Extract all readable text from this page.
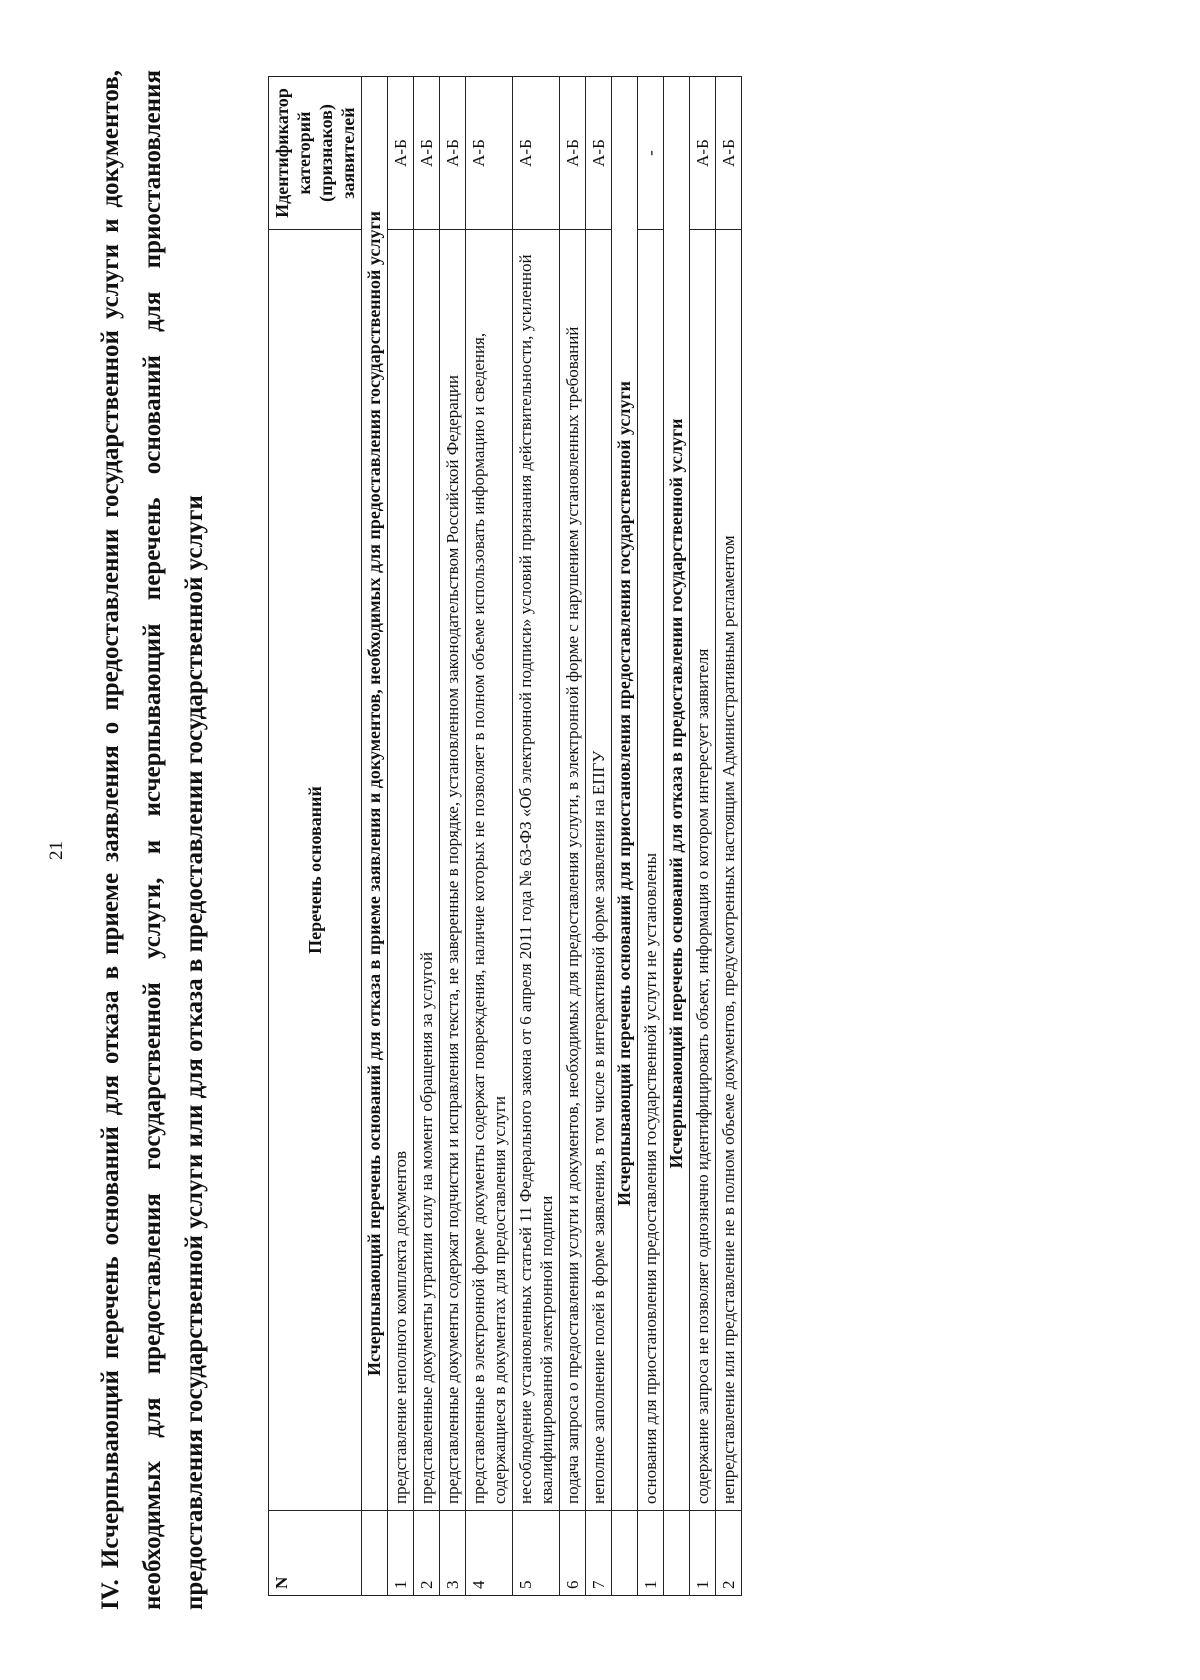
21 IV. Исчерпывающий перечень оснований для отказа в приеме заявления о предоставлении государственной услуги и документов, необходимых для предоставления государственной услуги, и исчерпывающий перечень оснований для приостановления предоставления государственной услуги или для отказа в предоставлении государственной услуги	N	Перечень оснований	Идентификатор категорий (признаков) заявителей
	Исчерпывающий перечень оснований для отказа в приеме заявления и документов, необходимых для предоставления государственной услуги	
1	представление неполного комплекта документов	А-Б
2	представленные документы утратили силу на момент обращения за услугой	А-Б
3	представленные документы содержат подчистки и исправления текста, не заверенные в порядке, установленном законодательством Российской Федерации	А-Б
4	представленные в электронной форме документы содержат повреждения, наличие которых не позволяет в полном объеме использовать информацию и сведения, содержащиеся в документах для предоставления услуги	А-Б
5	несоблюдение установленных статьей 11 Федерального закона от 6 апреля 2011 года № 63-ФЗ «Об электронной подписи» условий признания действительности, усиленной квалифицированной электронной подписи	А-Б
6	подача запроса о предоставлении услуги и документов, необходимых для предоставления услуги, в электронной форме с нарушением установленных требований	А-Б
7	неполное заполнение полей в форме заявления, в том числе в интерактивной форме заявления на ЕПГУ	А-Б
	Исчерпывающий перечень оснований для приостановления предоставления государственной услуги	
1	основания для приостановления предоставления государственной услуги не установлены	-
	Исчерпывающий перечень оснований для отказа в предоставлении государственной услуги	
1	содержание запроса не позволяет однозначно идентифицировать объект, информация о котором интересует заявителя	А-Б
2	непредставление или представление не в полном объеме документов, предусмотренных настоящим Административным регламентом	А-Б
